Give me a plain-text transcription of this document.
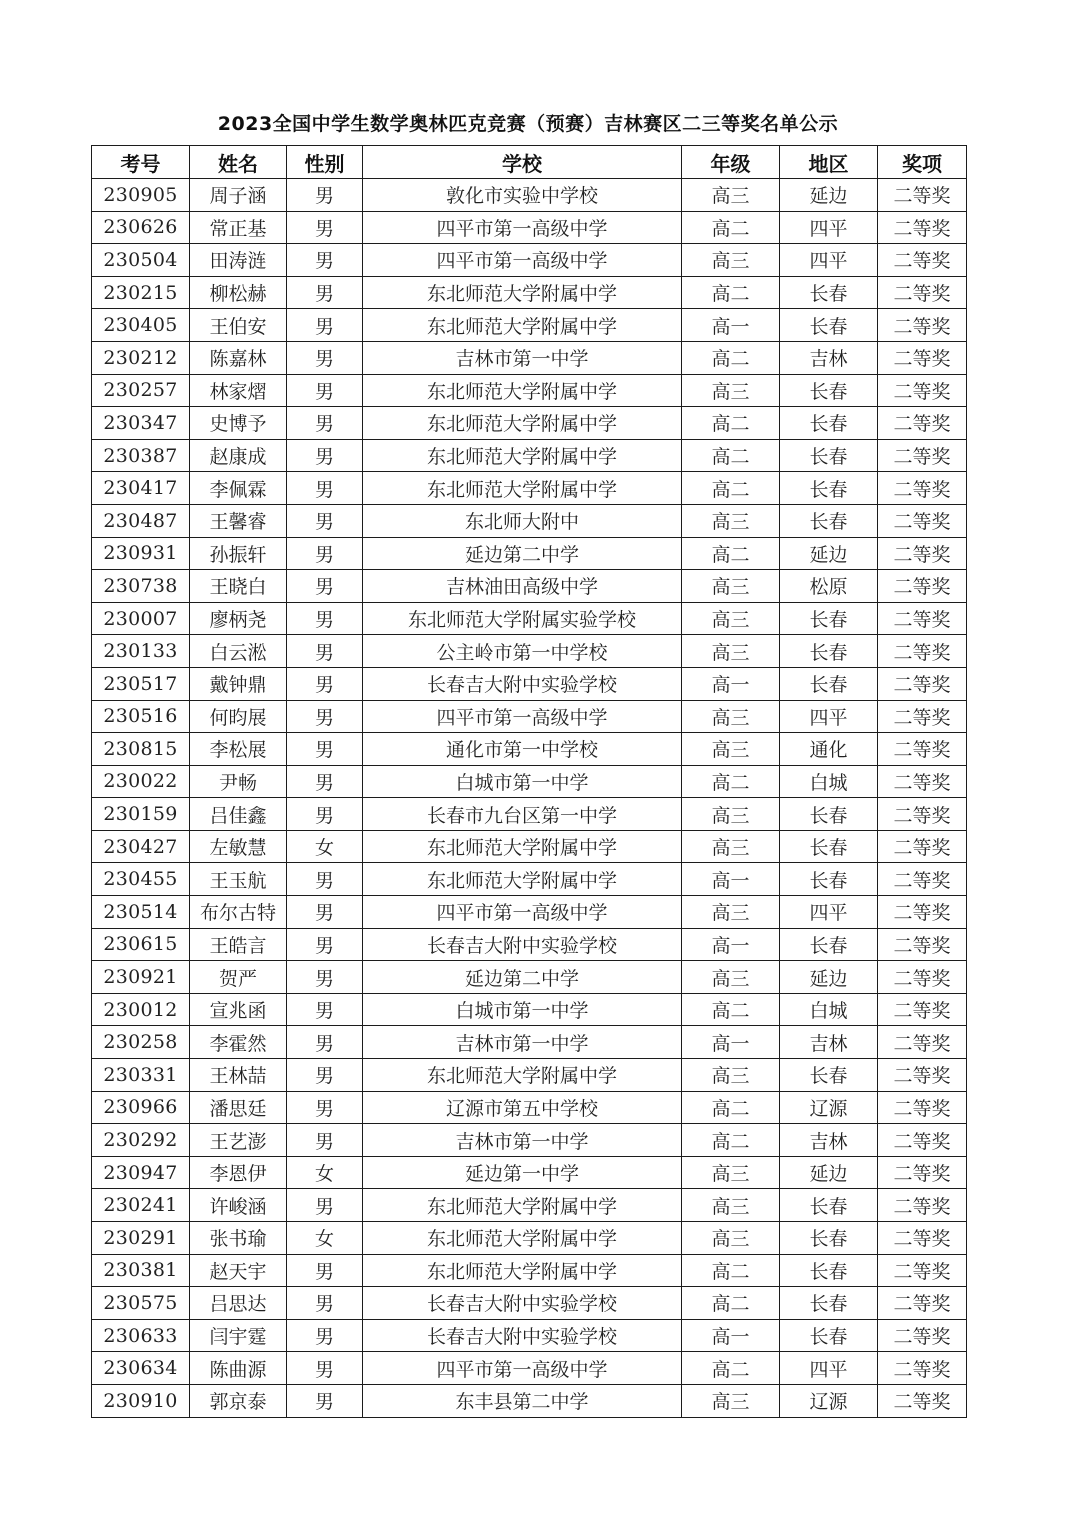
2023全国中学生数学奥林匹克竞赛（预赛）吉林赛区二三等奖名单公示
考号	姓名	性别	学校	年级	地区	奖项
230905	周子涵	男	敦化市实验中学校	高三	延边	二等奖
230626	常正基	男	四平市第一高级中学	高二	四平	二等奖
230504	田涛涟	男	四平市第一高级中学	高三	四平	二等奖
230215	柳松赫	男	东北师范大学附属中学	高二	长春	二等奖
230405	王伯安	男	东北师范大学附属中学	高一	长春	二等奖
230212	陈嘉林	男	吉林市第一中学	高二	吉林	二等奖
230257	林家熠	男	东北师范大学附属中学	高三	长春	二等奖
230347	史博予	男	东北师范大学附属中学	高二	长春	二等奖
230387	赵康成	男	东北师范大学附属中学	高二	长春	二等奖
230417	李佩霖	男	东北师范大学附属中学	高二	长春	二等奖
230487	王馨睿	男	东北师大附中	高三	长春	二等奖
230931	孙振轩	男	延边第二中学	高二	延边	二等奖
230738	王晓白	男	吉林油田高级中学	高三	松原	二等奖
230007	廖柄尧	男	东北师范大学附属实验学校	高三	长春	二等奖
230133	白云淞	男	公主岭市第一中学校	高三	长春	二等奖
230517	戴钟鼎	男	长春吉大附中实验学校	高一	长春	二等奖
230516	何昀展	男	四平市第一高级中学	高三	四平	二等奖
230815	李松展	男	通化市第一中学校	高三	通化	二等奖
230022	尹畅	男	白城市第一中学	高二	白城	二等奖
230159	吕佳鑫	男	长春市九台区第一中学	高三	长春	二等奖
230427	左敏慧	女	东北师范大学附属中学	高三	长春	二等奖
230455	王玉航	男	东北师范大学附属中学	高一	长春	二等奖
230514	布尔古特	男	四平市第一高级中学	高三	四平	二等奖
230615	王皓言	男	长春吉大附中实验学校	高一	长春	二等奖
230921	贺严	男	延边第二中学	高三	延边	二等奖
230012	宣兆函	男	白城市第一中学	高二	白城	二等奖
230258	李霍然	男	吉林市第一中学	高一	吉林	二等奖
230331	王林喆	男	东北师范大学附属中学	高三	长春	二等奖
230966	潘思廷	男	辽源市第五中学校	高二	辽源	二等奖
230292	王艺澎	男	吉林市第一中学	高二	吉林	二等奖
230947	李恩伊	女	延边第一中学	高三	延边	二等奖
230241	许峻涵	男	东北师范大学附属中学	高三	长春	二等奖
230291	张书瑜	女	东北师范大学附属中学	高三	长春	二等奖
230381	赵天宇	男	东北师范大学附属中学	高二	长春	二等奖
230575	吕思达	男	长春吉大附中实验学校	高二	长春	二等奖
230633	闫宇霆	男	长春吉大附中实验学校	高一	长春	二等奖
230634	陈曲源	男	四平市第一高级中学	高二	四平	二等奖
230910	郭京泰	男	东丰县第二中学	高三	辽源	二等奖
